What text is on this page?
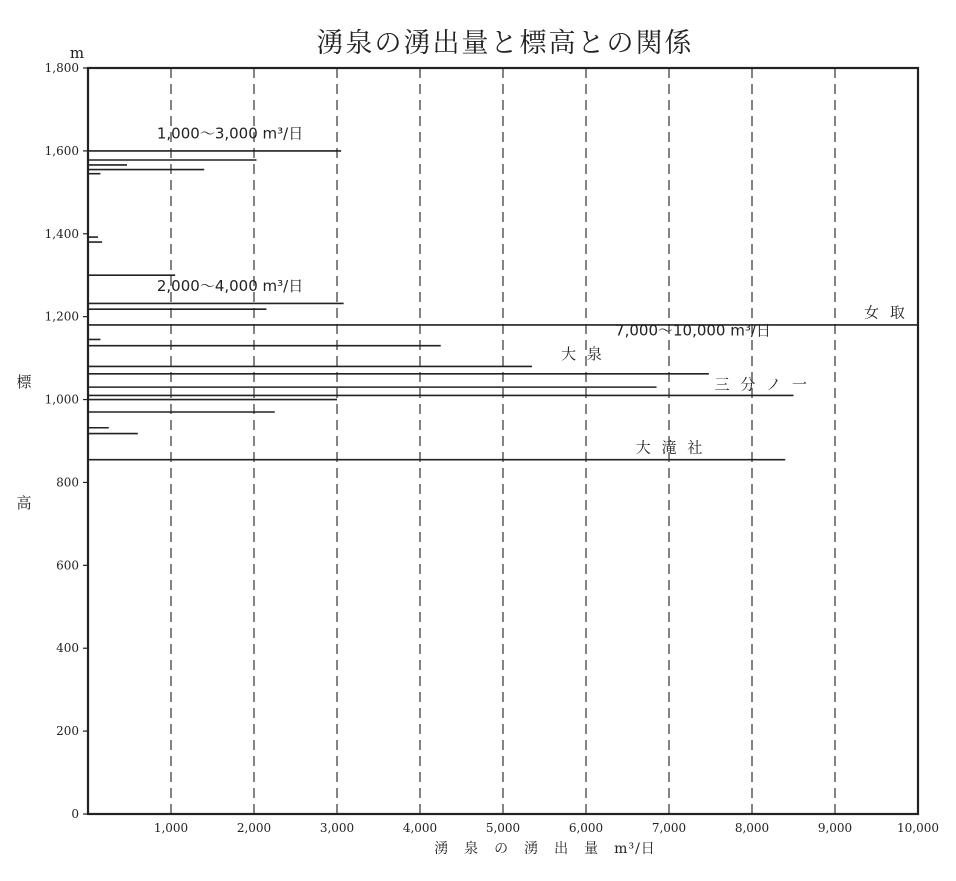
1,000	2,000	3,000	4,000	5,000	6,000	7,000	8,000	9,000	10,000
0
200
400
600
800
1,000
1,200
1,400
1,600
1,800
1,000～3,000 m³/日
2,000～4,000 m³/日
女 取
7,000～10,000 m³/日
大 泉
三 分 ノ 一
大 滝 社
湧泉の湧出量と標高との関係
m
標
高
湧　泉　の　湧　出　量　m³/日
